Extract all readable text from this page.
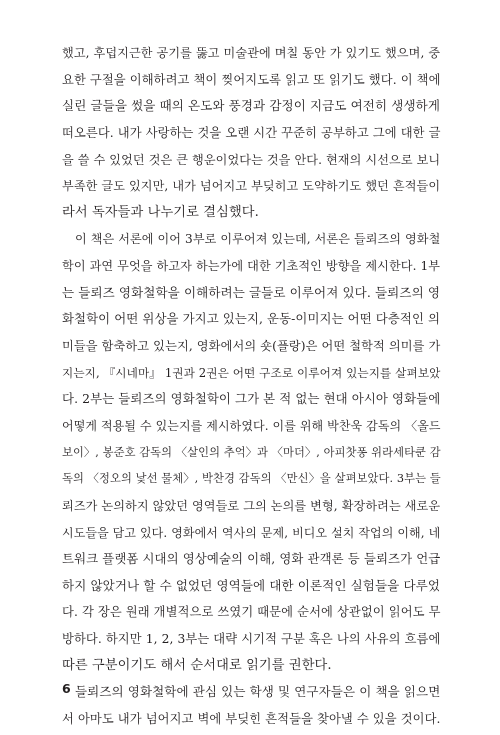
했고, 후덥지근한 공기를 뚫고 미술관에 며칠 동안 가 있기도 했으며, 중
요한 구절을 이해하려고 책이 찢어지도록 읽고 또 읽기도 했다. 이 책에
실린 글들을 썼을 때의 온도와 풍경과 감정이 지금도 여전히 생생하게
떠오른다. 내가 사랑하는 것을 오랜 시간 꾸준히 공부하고 그에 대한 글
을 쓸 수 있었던 것은 큰 행운이었다는 것을 안다. 현재의 시선으로 보니
부족한 글도 있지만, 내가 넘어지고 부딪히고 도약하기도 했던 흔적들이
라서 독자들과 나누기로 결심했다.
이 책은 서론에 이어 3부로 이루어져 있는데, 서론은 들뢰즈의 영화철
학이 과연 무엇을 하고자 하는가에 대한 기초적인 방향을 제시한다. 1부
는 들뢰즈 영화철학을 이해하려는 글들로 이루어져 있다. 들뢰즈의 영
화철학이 어떤 위상을 가지고 있는지, 운동-이미지는 어떤 다층적인 의
미들을 함축하고 있는지, 영화에서의 숏(플랑)은 어떤 철학적 의미를 가
지는지, 『시네마』 1권과 2권은 어떤 구조로 이루어져 있는지를 살펴보았
다. 2부는 들뢰즈의 영화철학이 그가 본 적 없는 현대 아시아 영화들에
어떻게 적용될 수 있는지를 제시하였다. 이를 위해 박찬욱 감독의 〈올드
보이〉, 봉준호 감독의 〈살인의 추억〉과 〈마더〉, 아피찻퐁 위라세타쿤 감
독의 〈정오의 낯선 물체〉, 박찬경 감독의 〈만신〉을 살펴보았다. 3부는 들
뢰즈가 논의하지 않았던 영역들로 그의 논의를 변형, 확장하려는 새로운
시도들을 담고 있다. 영화에서 역사의 문제, 비디오 설치 작업의 이해, 네
트워크 플랫폼 시대의 영상예술의 이해, 영화 관객론 등 들뢰즈가 언급
하지 않았거나 할 수 없었던 영역들에 대한 이론적인 실험들을 다루었
다. 각 장은 원래 개별적으로 쓰였기 때문에 순서에 상관없이 읽어도 무
방하다. 하지만 1, 2, 3부는 대략 시기적 구분 혹은 나의 사유의 흐름에
따른 구분이기도 해서 순서대로 읽기를 권한다.
들뢰즈의 영화철학에 관심 있는 학생 및 연구자들은 이 책을 읽으면
서 아마도 내가 넘어지고 벽에 부딪힌 흔적들을 찾아낼 수 있을 것이다.
6
